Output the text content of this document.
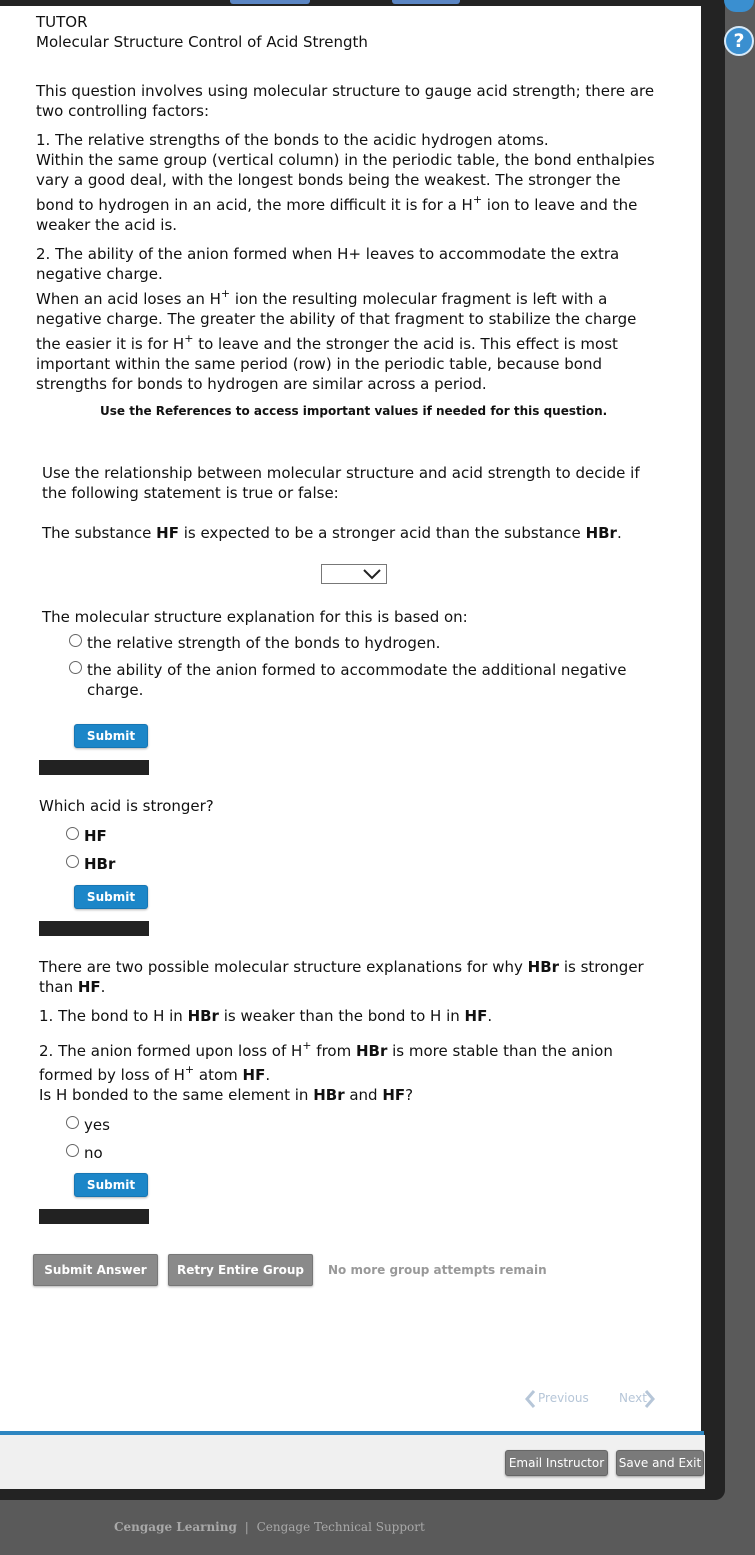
?
TUTOR
Molecular Structure Control of Acid Strength
This question involves using molecular structure to gauge acid strength; there are two controlling factors:
1. The relative strengths of the bonds to the acidic hydrogen atoms.
Within the same group (vertical column) in the periodic table, the bond enthalpies
vary a good deal, with the longest bonds being the weakest. The stronger the
bond to hydrogen in an acid, the more difficult it is for a H+ ion to leave and the
weaker the acid is.
2. The ability of the anion formed when H+ leaves to accommodate the extra
negative charge.
When an acid loses an H+ ion the resulting molecular fragment is left with a
negative charge. The greater the ability of that fragment to stabilize the charge
the easier it is for H+ to leave and the stronger the acid is. This effect is most
important within the same period (row) in the periodic table, because bond
strengths for bonds to hydrogen are similar across a period.
Use the References to access important values if needed for this question.
Use the relationship between molecular structure and acid strength to decide if
the following statement is true or false:
The substance HF is expected to be a stronger acid than the substance HBr.
The molecular structure explanation for this is based on:
the relative strength of the bonds to hydrogen.
the ability of the anion formed to accommodate the additional negative
charge.
Submit
Which acid is stronger?
HF
HBr
Submit
There are two possible molecular structure explanations for why HBr is stronger
than HF.
1. The bond to H in HBr is weaker than the bond to H in HF.
2. The anion formed upon loss of H+ from HBr is more stable than the anion
formed by loss of H+ atom HF.
Is H bonded to the same element in HBr and HF?
yes
no
Submit
Submit Answer	Retry Entire Group	No more group attempts remain
Previous	Next
Email Instructor	Save and Exit
Cengage Learning | Cengage Technical Support
